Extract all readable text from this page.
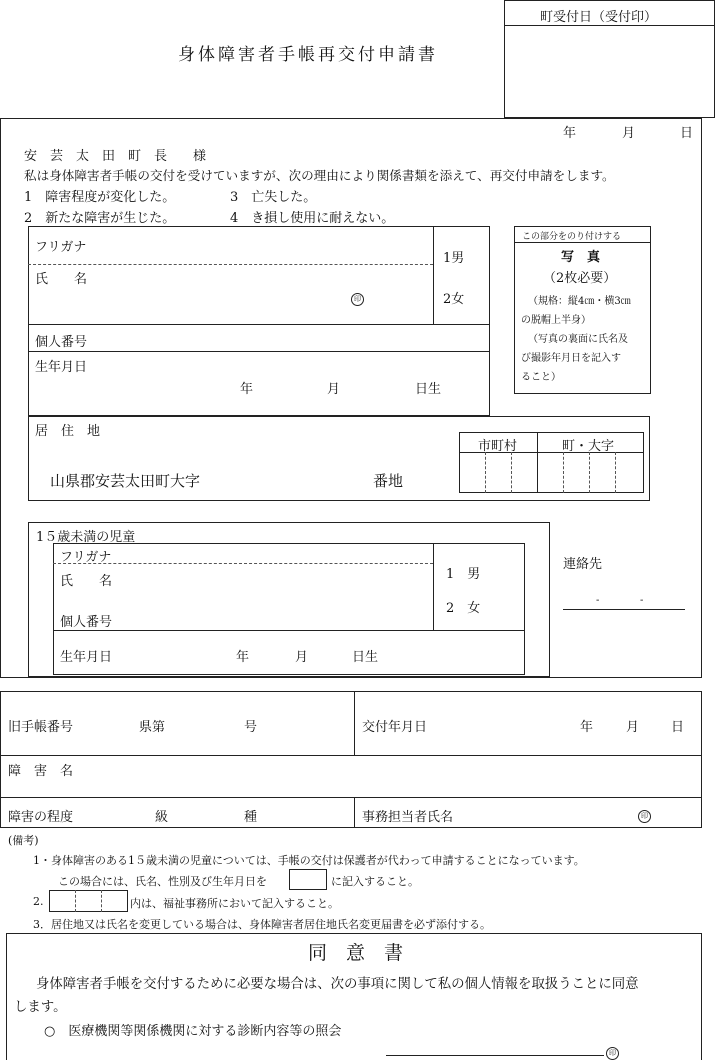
身体障害者手帳再交付申請書
町受付日（受付印）
年	月	日
安　芸　太　田　町　長　　様
私は身体障害者手帳の交付を受けていますが、次の理由により関係書類を添えて、再交付申請をします。
1　障害程度が変化した。	3　亡失した。
2　新たな障害が生じた。	4　き損し使用に耐えない。
フリガナ
氏　　名
印
1男
2女
個人番号
生年月日
年	月	日生
この部分をのり付けする
写　真
（2枚必要）
（規格：縦4㎝・横3㎝
の脱帽上半身）
（写真の裏面に氏名及
び撮影年月日を記入す
ること）
居　住　地
山県郡安芸太田町大字	番地
市町村	町・大字
1５歳未満の児童
フリガナ
氏　　名
個人番号
1　男
2　女
生年月日	年	月	日生
連絡先
-	-
旧手帳番号	県第	号	交付年月日	年	月 日
障　害　名
障害の程度	級	種	事務担当者氏名	印
(備考)
1・身体障害のある1５歳未満の児童については、手帳の交付は保護者が代わって申請することになっています。
この場合には、氏名、性別及び生年月日を	に記入すること。
2.	内は、福祉事務所において記入すること。
3．居住地又は氏名を変更している場合は、身体障害者居住地氏名変更届書を必ず添付する。
同　意　書
身体障害者手帳を交付するために必要な場合は、次の事項に関して私の個人情報を取扱うことに同意
します。
○　医療機関等関係機関に対する診断内容等の照会
印
